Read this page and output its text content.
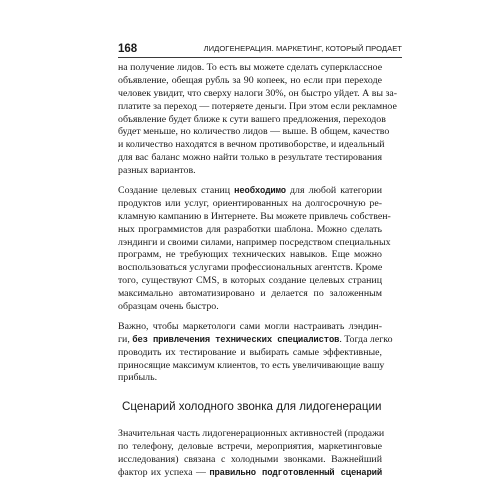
168	ЛИДОГЕНЕРАЦИЯ. МАРКЕТИНГ, КОТОРЫЙ ПРОДАЕТ
на получение лидов. То есть вы можете сделать суперклассное
объявление, обещая рубль за 90 копеек, но если при переходе
человек увидит, что сверху налоги 30%, он быстро уйдет. А вы за-
платите за переход — потеряете деньги. При этом если рекламное
объявление будет ближе к сути вашего предложения, переходов
будет меньше, но количество лидов — выше. В общем, качество
и количество находятся в вечном противоборстве, и идеальный
для вас баланс можно найти только в результате тестирования
разных вариантов.
Создание целевых станиц необходимо для любой категории
продуктов или услуг, ориентированных на долгосрочную ре-
кламную кампанию в Интернете. Вы можете привлечь собствен-
ных программистов для разработки шаблона. Можно сделать
лэндинги и своими силами, например посредством специальных
программ, не требующих технических навыков. Еще можно
воспользоваться услугами профессиональных агентств. Кроме
того, существуют CMS, в которых создание целевых страниц
максимально автоматизировано и делается по заложенным
образцам очень быстро.
Важно, чтобы маркетологи сами могли настраивать лэндин-
ги, без привлечения технических специалистов. Тогда легко
проводить их тестирование и выбирать самые эффективные,
приносящие максимум клиентов, то есть увеличивающие вашу
прибыль.
Сценарий холодного звонка для лидогенерации
Значительная часть лидогенерационных активностей (продажи
по телефону, деловые встречи, мероприятия, маркетинговые
исследования) связана с холодными звонками. Важнейший
фактор их успеха — правильно подготовленный сценарий
